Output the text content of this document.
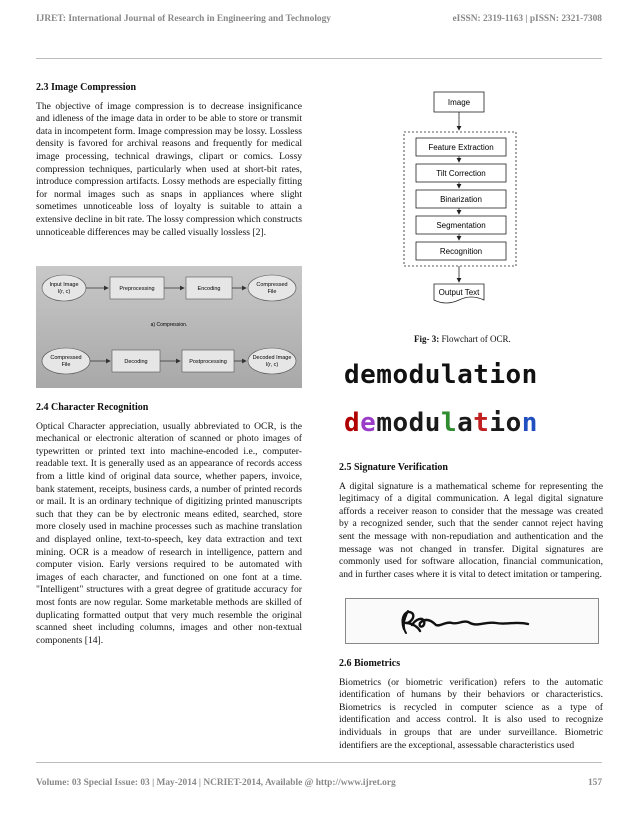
IJRET: International Journal of Research in Engineering and Technology	eISSN: 2319-1163 | pISSN: 2321-7308
2.3 Image Compression

The objective of image compression is to decrease insignificance and idleness of the image data in order to be able to store or transmit data in incompetent form. Image compression may be lossy. Lossless density is favored for archival reasons and frequently for medical image processing, technical drawings, clipart or comics. Lossy compression techniques, particularly when used at short-bit rates, introduce compression artifacts. Lossy methods are especially fitting for normal images such as snaps in appliances where slight sometimes unnoticeable loss of loyalty is suitable to attain a extensive decline in bit rate. The lossy compression which constructs unnoticeable differences may be called visually lossless [2].

Input Image
I(r, c)	Preprocessing	Encoding
Compressed
File
a) Compression.
Compressed
File	Decoding	Postprocessing
Decoded Image
I(r, c)
2.4 Character Recognition

Optical Character appreciation, usually abbreviated to OCR, is the mechanical or electronic alteration of scanned or photo images of typewritten or printed text into machine-encoded i.e., computer-readable text. It is generally used as an appearance of records access from a little kind of original data source, whether papers, invoice, bank statement, receipts, business cards, a number of printed records or mail. It is an ordinary technique of digitizing printed manuscripts such that they can be by electronic means edited, searched, store more closely used in machine processes such as machine translation and displayed online, text-to-speech, key data extraction and text mining. OCR is a meadow of research in intelligence, pattern and computer vision. Early versions required to be automated with images of each character, and functioned on one font at a time. "Intelligent" structures with a great degree of gratitude accuracy for most fonts are now regular. Some marketable methods are skilled of duplicating formatted output that very much resemble the original scanned sheet including columns, images and other non-textual components [14].

Image
Feature Extraction
Tilt Correction
Binarization
Segmentation
Recognition
Output Text
Fig- 3: Flowchart of OCR.
demodulation
demodulation
2.5 Signature Verification

A digital signature is a mathematical scheme for representing the legitimacy of a digital communication. A legal digital signature affords a receiver reason to consider that the message was created by a recognized sender, such that the sender cannot reject having sent the message with non-repudiation and authentication and the message was not changed in transfer. Digital signatures are commonly used for software allocation, financial communication, and in further cases where it is vital to detect imitation or tampering.

2.6 Biometrics

Biometrics (or biometric verification) refers to the automatic identification of humans by their behaviors or characteristics. Biometrics is recycled in computer science as a type of identification and access control. It is also used to recognize individuals in groups that are under surveillance. Biometric identifiers are the exceptional, assessable characteristics used

Volume: 03 Special Issue: 03 | May-2014 | NCRIET-2014, Available @ http://www.ijret.org	157
